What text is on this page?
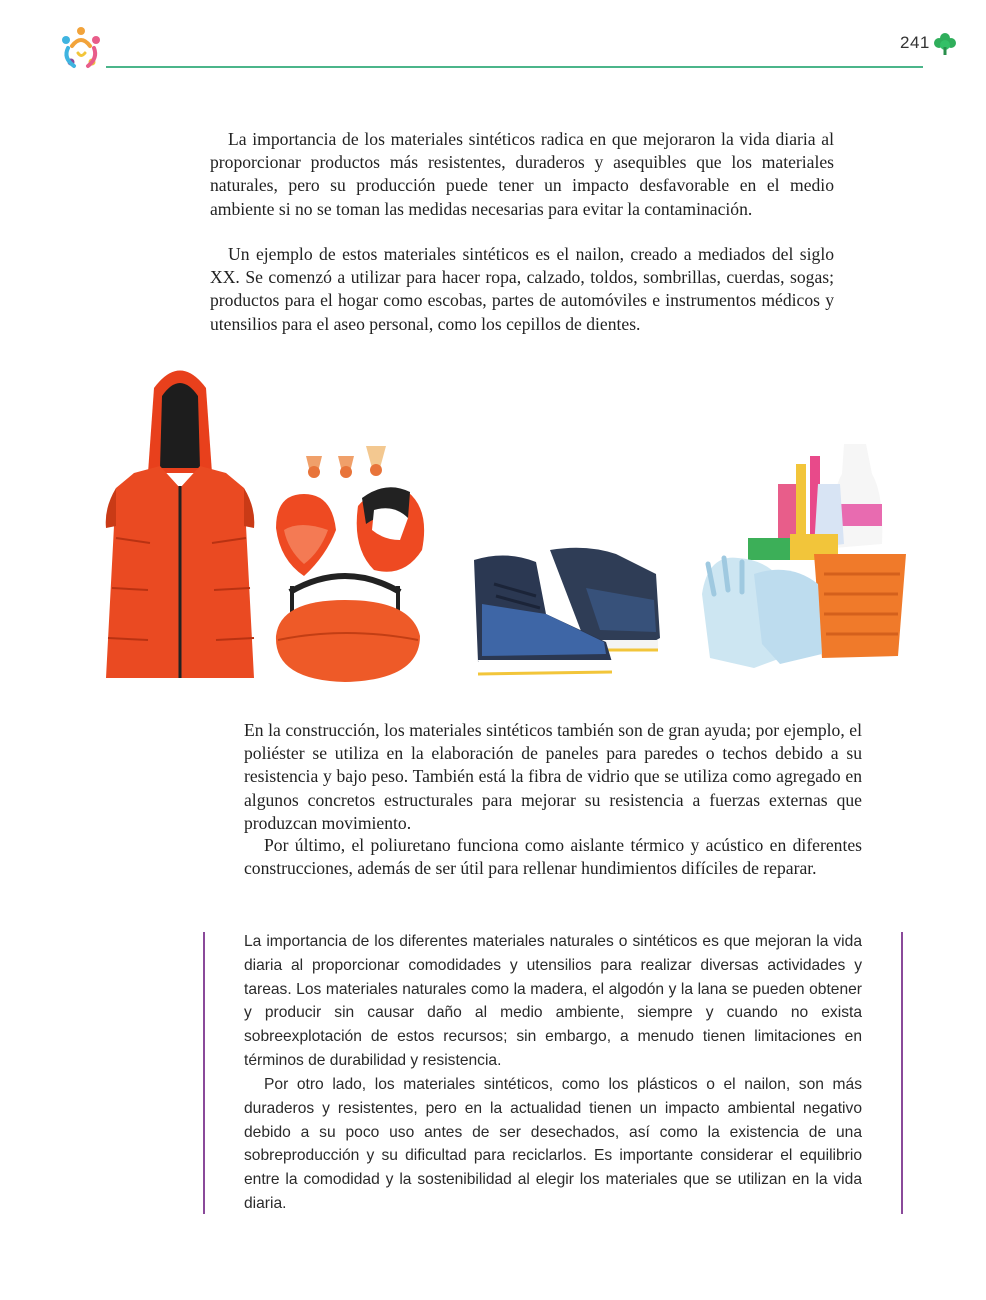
241

La importancia de los materiales sintéticos radica en que mejoraron la vida diaria al proporcionar productos más resistentes, duraderos y asequibles que los materiales naturales, pero su producción puede tener un impacto desfavorable en el medio ambiente si no se toman las medidas necesarias para evitar la contaminación.

Un ejemplo de estos materiales sintéticos es el nailon, creado a mediados del siglo XX. Se comenzó a utilizar para hacer ropa, calzado, toldos, sombrillas, cuerdas, sogas; productos para el hogar como escobas, partes de automóviles e instrumentos médicos y utensilios para el aseo personal, como los cepillos de dientes.

En la construcción, los materiales sintéticos también son de gran ayuda; por ejemplo, el poliéster se utiliza en la elaboración de paneles para paredes o techos debido a su resistencia y bajo peso. También está la fibra de vidrio que se utiliza como agregado en algunos concretos estructurales para mejorar su resistencia a fuerzas externas que produzcan movimiento.

Por último, el poliuretano funciona como aislante térmico y acústico en diferentes construcciones, además de ser útil para rellenar hundimientos difíciles de reparar.

La importancia de los diferentes materiales naturales o sintéticos es que mejoran la vida diaria al proporcionar comodidades y utensilios para realizar diversas actividades y tareas. Los materiales naturales como la madera, el algodón y la lana se pueden obtener y producir sin causar daño al medio ambiente, siempre y cuando no exista sobreexplotación de estos recursos; sin embargo, a menudo tienen limitaciones en términos de durabilidad y resistencia.

Por otro lado, los materiales sintéticos, como los plásticos o el nailon, son más duraderos y resistentes, pero en la actualidad tienen un impacto ambiental negativo debido a su poco uso antes de ser desechados, así como la existencia de una sobreproducción y su dificultad para reciclarlos. Es importante considerar el equilibrio entre la comodidad y la sostenibilidad al elegir los materiales que se utilizan en la vida diaria.
